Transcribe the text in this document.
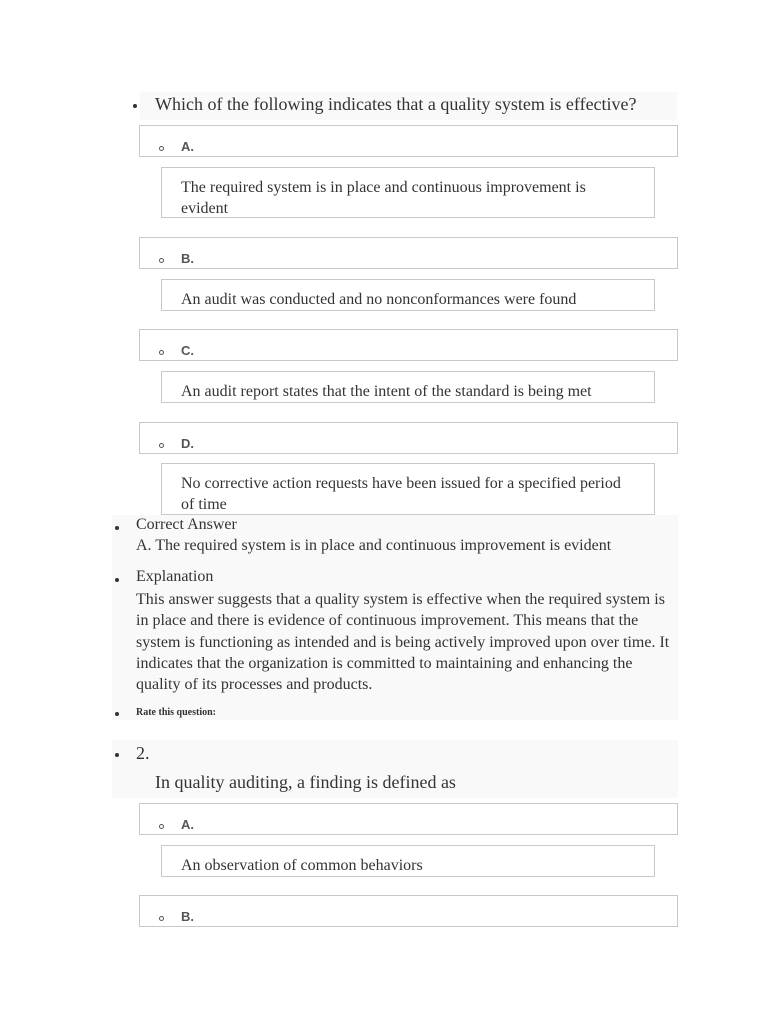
Which of the following indicates that a quality system is effective?
A.
The required system is in place and continuous improvement is evident
B.
An audit was conducted and no nonconformances were found
C.
An audit report states that the intent of the standard is being met
D.
No corrective action requests have been issued for a specified period of time
Correct Answer
A. The required system is in place and continuous improvement is evident
Explanation
This answer suggests that a quality system is effective when the required system is in place and there is evidence of continuous improvement. This means that the system is functioning as intended and is being actively improved upon over time. It indicates that the organization is committed to maintaining and enhancing the quality of its processes and products.
Rate this question:
2.
In quality auditing, a finding is defined as
A.
An observation of common behaviors
B.
